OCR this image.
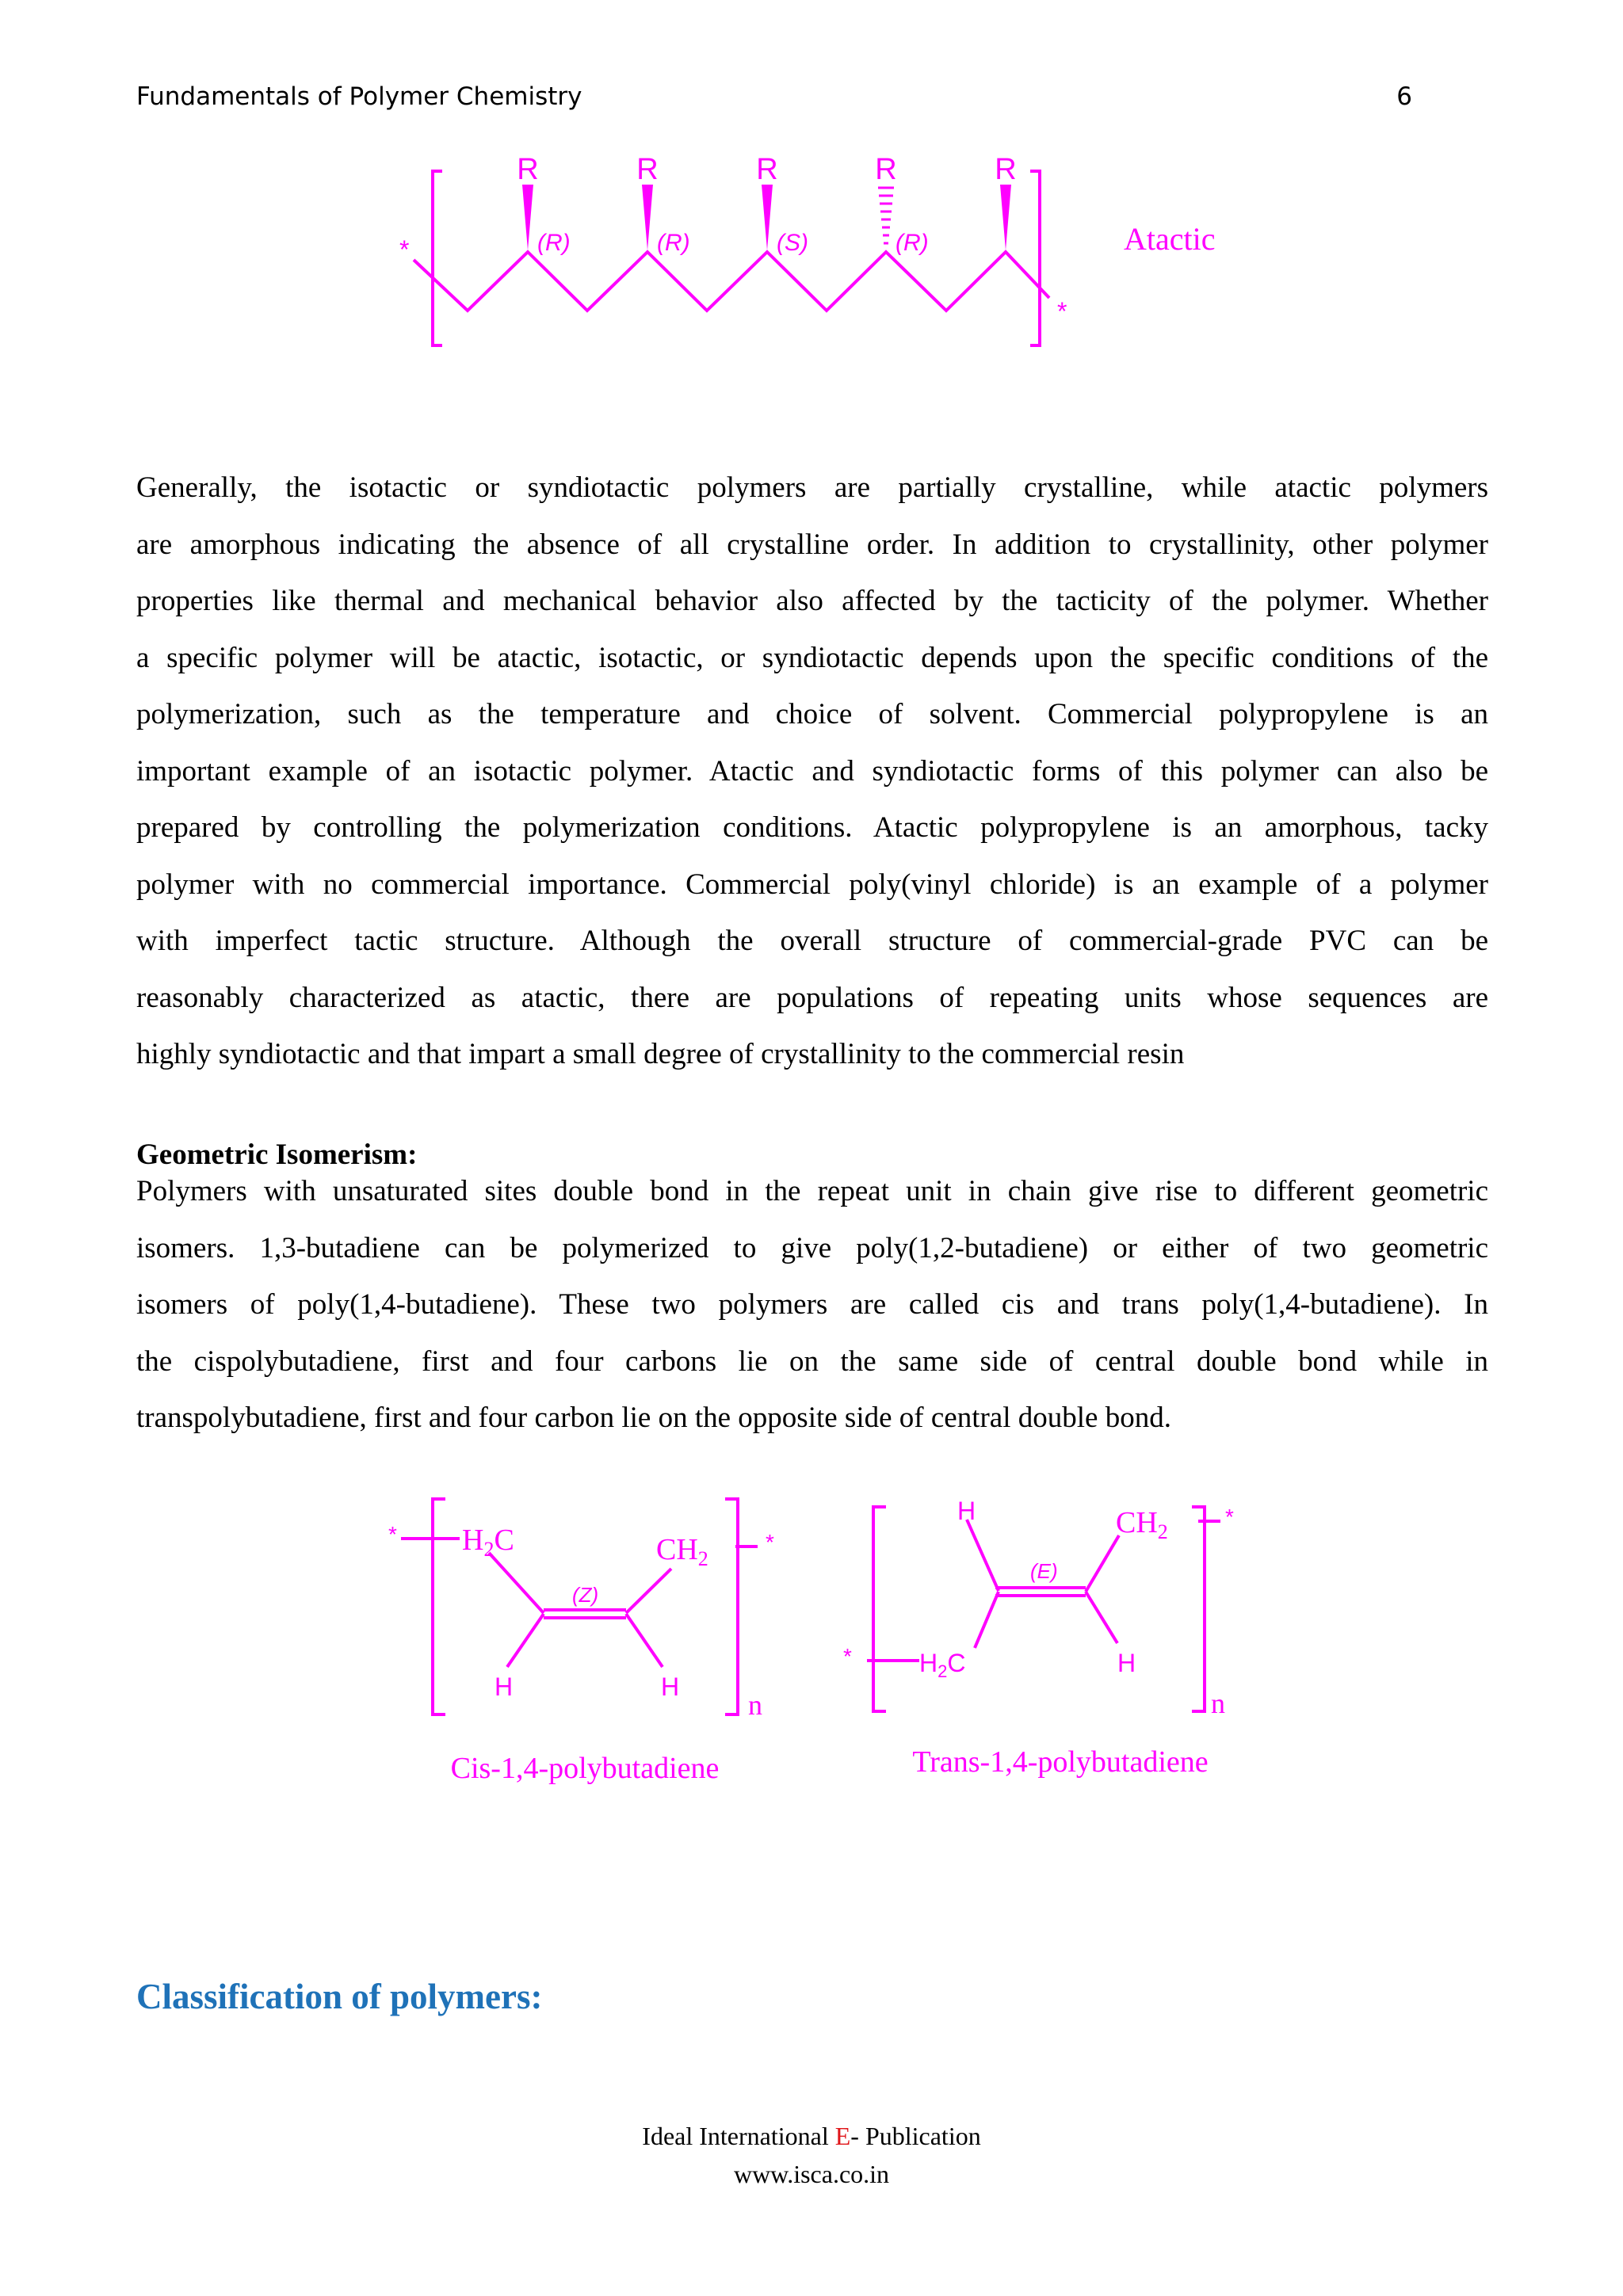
Fundamentals of Polymer Chemistry	6
R	R	R	R	R
(R)	(R)	(S)	(R)
*
*
Atactic
Generally, the isotactic or syndiotactic polymers are partially crystalline, while atactic polymers
are amorphous indicating the absence of all crystalline order. In addition to crystallinity, other polymer
properties like thermal and mechanical behavior also affected by the tacticity of the polymer. Whether
a specific polymer will be atactic, isotactic, or syndiotactic depends upon the specific conditions of the
polymerization, such as the temperature and choice of solvent. Commercial polypropylene is an
important example of an isotactic polymer. Atactic and syndiotactic forms of this polymer can also be
prepared by controlling the polymerization conditions. Atactic polypropylene is an amorphous, tacky
polymer with no commercial importance. Commercial poly(vinyl chloride) is an example of a polymer
with imperfect tactic structure. Although the overall structure of commercial-grade PVC can be
reasonably characterized as atactic, there are populations of repeating units whose sequences are
highly syndiotactic and that impart a small degree of crystallinity to the commercial resin
Geometric Isomerism:
Polymers with unsaturated sites double bond in the repeat unit in chain give rise to different geometric
isomers. 1,3-butadiene can be polymerized to give poly(1,2-butadiene) or either of two geometric
isomers of poly(1,4-butadiene). These two polymers are called cis and trans poly(1,4-butadiene). In
the cispolybutadiene, first and four carbons lie on the same side of central double bond while in
transpolybutadiene, first and four carbon lie on the opposite side of central double bond.
*	*
$H_2C$	$CH_2$
(Z)
H	H
n
Cis-1,4-polybutadiene
H	$CH_2$
*
(E)
*	$H_2C$	H
n
Trans-1,4-polybutadiene
Classification of polymers:
Ideal International E- Publication
www.isca.co.in
